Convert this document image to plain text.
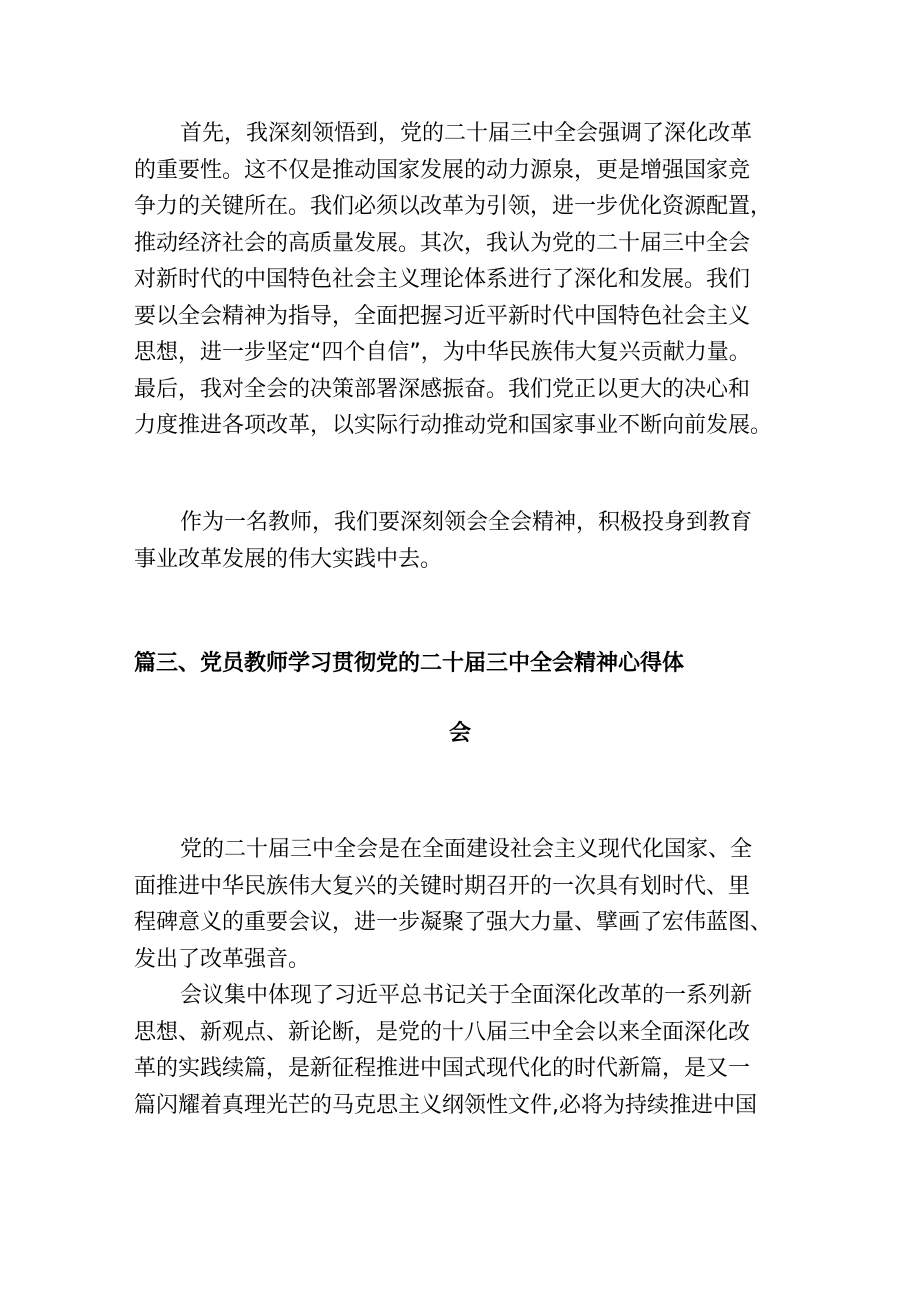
首先，我深刻领悟到，党的二十届三中全会强调了深化改革
的重要性。这不仅是推动国家发展的动力源泉，更是增强国家竞
争力的关键所在。我们必须以改革为引领，进一步优化资源配置，
推动经济社会的高质量发展。其次，我认为党的二十届三中全会
对新时代的中国特色社会主义理论体系进行了深化和发展。我们
要以全会精神为指导，全面把握习近平新时代中国特色社会主义
思想，进一步坚定“四个自信”，为中华民族伟大复兴贡献力量。
最后，我对全会的决策部署深感振奋。我们党正以更大的决心和
力度推进各项改革，以实际行动推动党和国家事业不断向前发展。
作为一名教师，我们要深刻领会全会精神，积极投身到教育
事业改革发展的伟大实践中去。
篇三、党员教师学习贯彻党的二十届三中全会精神心得体
会
党的二十届三中全会是在全面建设社会主义现代化国家、全
面推进中华民族伟大复兴的关键时期召开的一次具有划时代、里
程碑意义的重要会议，进一步凝聚了强大力量、擘画了宏伟蓝图、
发出了改革强音。
会议集中体现了习近平总书记关于全面深化改革的一系列新
思想、新观点、新论断，是党的十八届三中全会以来全面深化改
革的实践续篇，是新征程推进中国式现代化的时代新篇，是又一
篇闪耀着真理光芒的马克思主义纲领性文件,必将为持续推进中国
